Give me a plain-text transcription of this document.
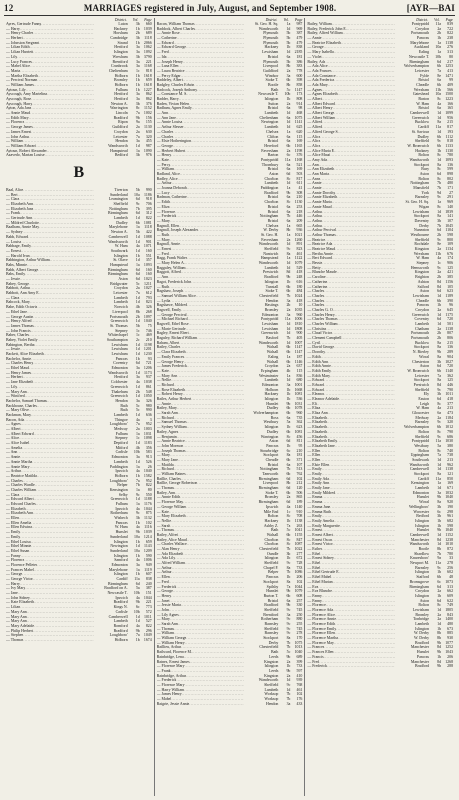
12	MARRIAGES registered in July, August, and September 1908.	[AYR—BAI
District. Vol. Page
Ayres, Gertrude Fanny .....	Luton	3b	660
— Harry .....	Hackney	1b	1039
— Henry Charles .....	Horsham	2b	689
— Herbert .....	Cambridge	3b	1118
— Johnston Sergeant .....	Strand	1b	2066
— Lilian Edith .....	Hertford	3a	1062
— Lilian Harriett .....	Islington	3a	1092
— Lily .....	Wrexham	3b	3790
— Lucy Frances .....	Brentford	3a	221
— Mabel Alice .....	Cranbrook	3a	1168
— Maria .....	Cheltenham	1c	818
— Martha Elizabeth .....	Holborn	1b	1618
— Percival Norman .....	Bromley	1b	659
— William James .....	Holborn	1b	1618
Aytoun, Lily .....	Fulham	1b	1227
Ayscough, Amy Marielina .....	Hertford	3a	862
Ayscough, Rose .....	Hertford	3a	862
Ayscough, Harry .....	Newton A.	3b	376
Ayton, Ada Jane .....	Warrington	8c	1152
— Annie Maud .....	Lincoln	7a	1002
— Edith Mary .....	Bradford	9b	156
— Florence .....	Ripon	9a	155
— George James .....	Guildford	2a	1130
— James Ernest .....	Croydon	2a	630
— John Arthur .....	Leicester	7a	320
— William .....	Hendon	3a	455
— William Edward .....	Wandsworth	1d	987
Aytoun, Robert Alexander .....	Hampstead	1a	1090
Azavedo, Marian Louise .....	Bedford	3b	976
B
Baal, Alice .....	Tiverton	5b	990
— Bert .....	Sunderland	10a	1186
— Clara .....	Leamington	6d	918
— Elizabeth Ann .....	Sheffield	9c	706
— Elizabeth Jane .....	Nottingham	7b	395
— Frank .....	Birmingham	6d	312
— Gertrude Ann .....	Lambeth	1d	822
— Mildred Charlotte .....	Dudley	6b	1081
Baalham, Annie May .....	Marylebone	1a	1118
— Sydney .....	Newton A.	5b	422
Babb, Edward .....	Camberwell	1d	1088
— Louisa .....	Wandsworth	1d	901
Babbage, Emily .....	W. Ham	4a	1071
— Ernest .....	Southwark	1d	160
— Harold Ivan .....	Islington	1b	551
Babbington, Arthur William .....	St. Olave	1d	357
Babs, Minnie .....	Hampstead	1a	1093
Babb, Albert George .....	Birmingham	6d	160
Babs, Emily .....	Birmingham	6d	160
— Jessie .....	Aston	6d	1023
Babey, George .....	Bridgwater	5c	1211
Babbott, Arthur .....	Croydon	2a	1027
Babbott, Ann Amy E. .....	Leicester	7a	612
— Clara .....	Lambeth	1d	793
Babcock, Mary .....	Lambeth	1d	823
Babe, Edith Octavia .....	Norwich	4b	326
— Ethel Jane .....	Liverpool	8b	268
— George Austin .....	Portsmouth	2b	1097
— Henry Alfred .....	Greenwich	1d	1040
— James Thomas .....	St. Thomas	5b	75
— John Francis .....	Stepney	1c	746
Baber, Charles .....	Whitechapel	1c	469
Babey, Violet Emily .....	Southampton	2c	210
Babington, Bertha .....	Lewisham	1d	1198
— Jessie .....	Lewisham	1d	1201
Backett, Alice Elizabeth .....	Lewisham	1d	1230
Bachelor, Annie .....	Pancras	1b	93
— Charles Henry .....	Coventry	6d	721
— Ethel Maud .....	Edmonton	3a	1206
— Henry James .....	Wandsworth	1d	1173
— Herbert .....	Hertford	3a	937
— Jane Elizabeth .....	Colchester	4a	1038
— Lily .....	Greenwich	1d	861
— Mary Ann .....	Thakeham	2b	548
— Winifred .....	Greenwich	1d	1050
Bachelor, Samuel Thomas .....	Hendon	3a	326
Backhouse, Charles .....	Bath	5c	980
— Mary Olive .....	Bath	5c	990
Backman, Mary .....	Lambeth	1d	636
Bacon, Ada .....	Thingoe	4a	3
— Agnes .....	Loughboro'	7a	952
— Albert .....	Medway	2a	1003
— Albert Edward .....	Fulham	1a	1031
— Alice .....	Stepney	1c	1098
— Alice Isabel .....	Deptford	1d	1183
— Amelia .....	Mitford	4b	356
— Ann .....	Carlisle	10b	583
— Annie .....	Edmonton	3a	913
— Annie Martha .....	Lambeth	1d	526
— Annie Mary .....	Paddington	1a	26
— Arthur .....	Ipswich	4a	1040
— Beatrice Matilda .....	Holborn	1b	1582
— Charles .....	Loughboro'	7a	952
— Charles Wardle .....	Belper	7b	822
— Charles William .....	Kensington	1a	80
— Clara .....	Selby	9c	550
— Edward Albert .....	Greenwich	1d	1188
— Edward Charles .....	Fulham	1a	1176
— Elizabeth .....	Ipswich	4a	1044
— Elizabeth Ann .....	Rotherham	9c	875
— Ellen .....	Wisbech	3b	1132
— Ellen Amelia .....	Pancras	1b	102
— Ellen Edwina .....	W. Ham	4a	1116
— Emily .....	Hunslet	9b	1039
— Emily .....	Sunderland	10a	1214
— Ethel Louisa .....	Islington	1b	659
— Ethel Minnie .....	Newington	1d	1143
— Ethel Susan .....	Sunderland	10a	1209
— Fanny .....	Islington	1b	590
— Florence .....	Samford	4a	1006
— Florence Pelleter .....	Edmonton	3a	949
— Frances Mabel .....	Marylebone	1a	1119
— George .....	Islington	1b	607
— George Victor .....	Cardiff	11a	838
— Harry .....	Birmingham	6d	240
— Ivy Mary .....	Bradford on A.	5a	387
— Jane .....	Newcastle T.	10b	151
— John Sidney .....	Ipswich	4a	1044
— Kate Elizabeth .....	Bradford	9b	221
— Lilian .....	Kings N.	6c	773
— Mary Ann .....	Carlisle	10b	572
— Mary Ann .....	Camberwell	1d	1011
— Mary Ann .....	Lambeth	1d	527
— Mary Adelaide .....	Romford	4a	822
— Philip Herbert .....	Bradford	9b	296
— Stephen .....	Loughboro'	7a	1049
— Thomas .....	Holborn	1b	1674
District. Vol. Page
Bacon, William Thomas .....	St. Geo. H. Sq.	1a	987
Baddock, Albert Charles .....	Wandsworth	1d	969
— Annie Rose .....	Plymouth	5b	387
— Catherine .....	Plymouth	5b	479
— Edward .....	Plymouth	5b	479
— Edward George .....	Hackney	1b	838
— Fred .....	Lewisham	1d	2185
— Ida .....	Bristol	6a	181
— Joseph Henry .....	Plymouth	5b	386
— Lana Ellen .....	Liverpool	8b	383
— Laura Beatrice .....	Guildford	2a	778
— Percy Edgar .....	Windsor	3a	600
Baddeley, Albert .....	Stoke T.	6b	398
Badgley, Charles Edwin .....	Bootle	8b	858
Badcock, Joseph Anthony .....	Bath	5c	1147
— Constance M. S. .....	Newcastle T.	10b	173
Badder, Harry .....	Islington	1b	808
Baden, Vivian Helen .....	Sutton	2a	914
Badham, Agnes Emily .....	Bristol	6a	98
— Ann .....	Lambeth	1d	468
— Ann Jane .....	Cheltenham	6a	1075
— Annie Louisa .....	Newington	1d	1141
— Arthur Slesser .....	Lambeth	1d	625
— Charles .....	Chelsea	1a	620
— Charles .....	Clifton	6a	115
— Elsie Hotherington .....	Bristol	6a	169
— George .....	Hereford	6b	1165
— Herbert Hubert .....	Faversham	2a	1198
— Henry .....	Barton	6c	376
— Kate .....	Pontypridd	11a	1168
— Percy .....	Thornbury	6a	521
— William .....	Bristol	6a	169
Badland, Alice .....	Aston	6d	503
Badley, Alice .....	Chorlton	8c	817
— Arthur .....	Lambeth	1d	611
— Joanna Deborah .....	Paddington	1a	41
— Lucy .....	Bradford	9b	308
Badman, Catherine .....	Bristol	6a	210
— Edith .....	Chorlton	8c	1130
— Eliza .....	Bristol	6a	253
— Florence .....	Bristol	6a	218
— Frederick .....	Nottingham	7b	446
— Mary .....	Bristol	6a	209
Bagnall, Ellen .....	Chelsea	1a	665
Bagnall, Joseph Alexander .....	W. Derby	8b	936
— Ruth .....	St. Geo. H.	1a	1021
— Mary .....	Faversham	2a	1260
Bagnall, Annie .....	Wandsworth	1d	891
— Ernest .....	Sheffield	9c	823
— Fred .....	Nantwich	8a	461
Bagg, Frank Walter .....	Hampstead	1a	1122
— Mary Helen A. .....	Wandsworth	1d	1079
Baggaley, William .....	Lambeth	1d	529
Baggott, Alfred .....	Prestwich	8d	418
— Ann .....	Bradford	9b	248
Bagot, Frederick John .....	Islington	1b	616
— Ruth .....	Tunstall	6b	180
Bagshaw, Joseph .....	Stoke T.	6b	484
— Samuel William Alice .....	Chesterfield	7b	1024
— Lydia .....	Hendon	3a	418
Bagshawe, Mildred .....	Hastings	2b	10
Bagwell, Emily .....	Bromley	2a	1035
— George Percival .....	Edmonton	3a	960
— Michael Richard .....	Pontypridd	11a	1006
Bagwell, Ethel Rose .....	Lewisham	1d	1810
— Marie Gertrude .....	Lewisham	1d	1808
Bagley, Ernest Ebert .....	Greenwich	1d	900
Baguley, Richard William .....	Basford	7b	405
Baham, Albert .....	Wandsworth	1d	1007
Bailey, Charles .....	Walsall	6b	1147
— Clara Elizabeth .....	Walsall	6b	1147
— Emily Frances .....	Ealing	1a	187
— George Henry .....	Walsall	6b	1146
— James Frederick .....	Croydon	2a	637
— Kate .....	Erpingham	4b	115
— Mary Ann .....	Westminster	1a	836
— Nellie .....	Lambeth	1d	680
— Richard .....	Edmonton	3a	1001
— Rose Elizabeth .....	Holborn	1b	1668
— Robert Henry .....	Hackney	1b	1081
Bailes, Arthur Herbert .....	Islington	1b	536
— Annie .....	Hunslet	9b	1031
Bailey, Mary .....	Dudley	6b	1078
— Sarah Ann .....	Wolverhampton	6b	960
— Richard .....	Ross	6a	735
— Samuel Thomas .....	Westbury	5a	362
— Sydney William .....	Islington	1b	623
Bailey, Agnes .....	Dudley	6b	1081
— Benjamin .....	Warrington	8c	456
— Annie Beatrice .....	Aston	6d	811
— John Mormon .....	Pancras	1b	95
— Joseph Thomas .....	Stourbridge	6c	210
— Mary .....	Stockport	8a	181
— Mary Jane .....	Cheadle	6b	371
— Matilda .....	Bristol	6a	107
— Richard .....	Nottingham	7b	513
— William Baines .....	Tamworth	6b	762
Baillie, Charles .....	Birmingham	6d	102
Baillie, George Robertson .....	Liverpool	8b	212
— Thomas .....	Birmingham	6d	120
Bailey, Ann .....	Stoke T.	6b	506
— Annie Edith .....	Bromley	2a	865
— Florence May .....	Birmingham	6d	189
— George William .....	Ipswich	4a	1140
— Kate .....	Mile End	1c	910
— Mary Elizabeth .....	Bolton	8c	708
— Nellie .....	Hackney	1b	1138
— Sarah .....	Ashby Z.	7a	263
— Thomas .....	Bath	5c	1041
Bailey, Alfred .....	Walsall	6b	1155
Bailey, Alice Maud .....	Chorlton	8c	847
— Charles Wallace .....	Chorlton	8c	1087
— Alan Henry .....	Chesterfield	7b	1022
— Ada Elizabeth .....	Oundle	3b	277
— Ada Lily .....	Islington	1b	672
— Alfred William .....	Sheffield	9c	728
— Arthur .....	Chapel F.	8a	733
— Arthur .....	Belper	7b	1086
— Ellen .....	Pancras	1b	206
— Fred .....	Stockport	8a	102
— Frederick .....	Spilsby	7a	1044
— George .....	Hunslet	9b	1079
— Henry .....	Burton T.	6b	608
— Janet .....	Bristol	6a	257
— Jessie Maria .....	Bradford	9b	330
— John .....	Sheffield	9c	745
— Lily Agnes .....	Brentford	3a	250
— Mary .....	Rotherham	9c	880
— Sarah Ann .....	Barnsley	9c	255
— Thomas .....	Sheffield	9c	745
— William .....	Barnsley	9c	278
— William George .....	Stockport	8a	170
— William Henry .....	Derby	7b	1075
Baillieu, Arthur .....	Chesterfield	7b	1013
Bailward, Florence M. .....	Bath	5c	1040
Bainbridge, Lena .....	Leeds	9b	689
Baines, Ernest James .....	Kingston	2a	399
— Florence Mary .....	Islington	1b	733
— Frank .....	Leeds	9b	597
Bainbridge, Arthur .....	Kingston	2a	410
— Frederick .....	Wandsworth	1d	939
— Florence Mary .....	Sheffield	9c	768
— Harry William .....	Lambeth	1d	461
— James Henry .....	Worksop	7b	102
— Mabel .....	Worksop	7b	176
Baigrie, Jessie Annie .....	Hendon	3a	433
District. Vol. Page
Bailey, William .....	Pontypridd	11a	839
Bailey, Frederick John E. .....	Croydon	2a	722
Bailey, Alfred William .....	Portsmouth	2b	822
— Annie .....	Pancras	1b	238
— Beatrice Elizabeth .....	Marylebone	1a	1138
— George .....	Auckland	10a	276
— Mary Isabella .....	Ealing	1a	313
— Violet .....	Newcastle T.	10b	80
Bailey, Ada .....	Birmingham	6d	217
— Ada Alice .....	Wolverhampton	6b	1253
— Ada Frances .....	Leicester	7a	413
— Ada Constance .....	Fylde	8e	1471
— Ada Frederica .....	Bristol	6a	99
— Ada Mary .....	Cheadle	6b	409
— Agnes .....	Wrexham	11b	566
— Agnes Elizabeth .....	Gateshead	10a	1500
— Albert .....	Barton	8c	1223
— Albert Edward .....	W. Ham	4a	166
— Albert Henry .....	Bristol	6a	165
— Albert George .....	Camberwell	1d	1099
— Albert William .....	Greenwich	1d	956
— Alfred .....	Bucklow	8a	215
— Alfred .....	Cardiff	11a	817
— Alfred George S. .....	St. Saviour	1d	193
— Alice .....	Dudley	6b	1112
— Alice .....	Sheffield	9c	818
— Alice .....	W. Bromwich	6b	1133
— Alice Maria E. .....	Hackney	1b	1130
— Alice Maud .....	Bolton	8c	780
— Amy Ada .....	Wandsworth	1d	1093
— Ann .....	Stockport	8a	136
— Ann Elizabeth .....	Bury	8c	599
— Ann Maria .....	Aston	6d	898
— Anne .....	Bolton	8c	802
— Annie .....	Nottingham	7b	480
— Annie .....	Mansfield	7b	171
— Annie Dorothy .....	York	9d	27
— Annie Elizabeth .....	Barnsley	9c	291
— Annie Maria .....	St. Geo. H. Sq.	1a	969
— Annie Maud .....	Wigan	8c	140
— Arthur .....	Lewisham	1d	1839
— Arthur .....	Stockport	8a	141
— Arthur .....	Daventry	3b	107
— Arthur .....	Derby	7b	1045
— Arthur Percival .....	Nuneaton	6d	1104
— Arthur Thomas .....	Westbourne	2b	598
— Beatrice .....	Sheffield	9c	800
— Beatrice Ada .....	Rochdale	8e	109
— Beatrice Maud .....	Kingston	2a	1134
— Bertha Annie .....	Wrexham	11b	676
— Bert Edward .....	W. Ham	4a	174
— Bessie .....	Stepney	1c	906
— Betty .....	Hemsworth	9c	125
— Blanche Maude .....	Kingston	2a	421
— Caroline .....	Brighton	2b	385
— Catherine .....	Ashton	8d	1156
— Catherine .....	Salford	8d	105
— Charles .....	Aston	6d	623
— Charles .....	Lewisham	1d	1189
— Charles .....	Cheadle	6b	390
— Charles .....	Pancras	1b	96
— Charles G. O. .....	Croydon	2a	645
— Charles Henry .....	Greenwich	1d	1175
— Charles Thomas .....	Coventry	6d	720
— Charles William .....	Lambeth	1d	501
— Christina .....	Chatham	2a	1138
— Claud Victor .....	Portsmouth	2b	807
— Clement Campbell .....	Portsmouth	2b	806
— Cyril .....	Bucklow	8a	215
— David George .....	Stockport	8a	136
— Dorothy .....	N. Bierley	9b	289
— Edith .....	Wirral	8a	904
— Edith Ann .....	Chesterton	3b	1027
— Edith Annie .....	Aston	6d	720
— Edith Emily .....	W. Bromwich	6b	1140
— Edith Mary .....	Leicester	7a	362
— Edward .....	Stockport	8a	125
— Edward .....	Prestwich	8d	446
— Edward .....	Sheffield	9c	790
— Eleanor .....	Ely	3b	1011
— Eleanor Adelaide .....	Easton	6d	418
— Eli .....	Leigh	8c	377
— Eliza .....	W. Ham	4a	213
— Eliza Ann .....	Gloucester	6a	473
— Elizabeth .....	Medway	2a	1184
— Elizabeth .....	Barnsley	9c	320
— Elizabeth .....	Wolverhampton	6b	1012
— Elizabeth .....	Bolton	8c	790
— Elizabeth .....	Sheffield	9c	686
— Elizabeth Emily .....	Pontypridd	11a	1030
— Elizabeth Jane .....	Westbury	5a	380
— Ellen .....	Bolton	8c	740
— Ellen .....	Uppingham	7a	738
— Ellen .....	Southwark	1d	213
— Elsie Ellen .....	Wandsworth	1d	962
— Emily .....	Camberwell	1d	1138
— Emily .....	Stockport	8a	121
— Emily Ada .....	Cardiff	11a	850
— Emily Ann .....	Kensington	1a	169
— Emily Jane .....	Lambeth	1d	671
— Emily Mildred .....	Edmonton	3a	1032
— Emma .....	Hunslet	9b	1040
— Emma .....	Wirral	8a	920
— Emma Jane .....	Wellingboro'	3b	190
— Emma Ruth .....	Worcester	6c	298
— Emily .....	Bedford	3b	961
— Emily Amelia .....	Islington	1b	682
— Emily Marguerite .....	Islington	1b	598
— Ernest .....	Hunslet	9b	1040
— Ernest Albert .....	Camberwell	1d	1152
— Ernest Oscar .....	Manchester	8d	1238
— Ernest Victor .....	Wandsworth	1d	1010
— Esther .....	Bootle	8b	872
— Ethel .....	Shardlow	7b	780
— Ernest Sidney .....	Knaresboro'	9a	33
— Ethel .....	Newport M.	11a	278
— Ethel .....	Barnsley	9c	256
— Ethel Gertrude E. .....	Islington	1b	602
— Ethel Mabel .....	Stafford	6b	48
— Ethel Marian .....	Bromsgrove	6c	1073
— Eva .....	Birmingham	6d	313
— Eva Blanche .....	Croydon	2a	662
— Fanny .....	Islington	1b	609
— Fanny .....	Aston	6d	622
— Florence .....	Bolton	8c	749
— Florence Ada .....	Lewisham	1d	1805
— Florence Alice .....	Bromley	2a	843
— Florence Annie .....	Tonbridge	2a	1400
— Florence Edith .....	Lambeth	1d	480
— Florence Emily .....	Islington	1b	673
— Florence Ellen .....	W. Derby	8b	885
— Florence Martha .....	W. Derby	8b	930
— Florence May .....	Bradford	9b	1077
— Frances .....	Manchester	8d	1252
— Frances Ellen .....	Hunslet	9b	1043
— Francis .....	Pancras	1b	206
— Fred .....	Manchester	8d	1268
— Frederick .....	Bradford	9b	288
